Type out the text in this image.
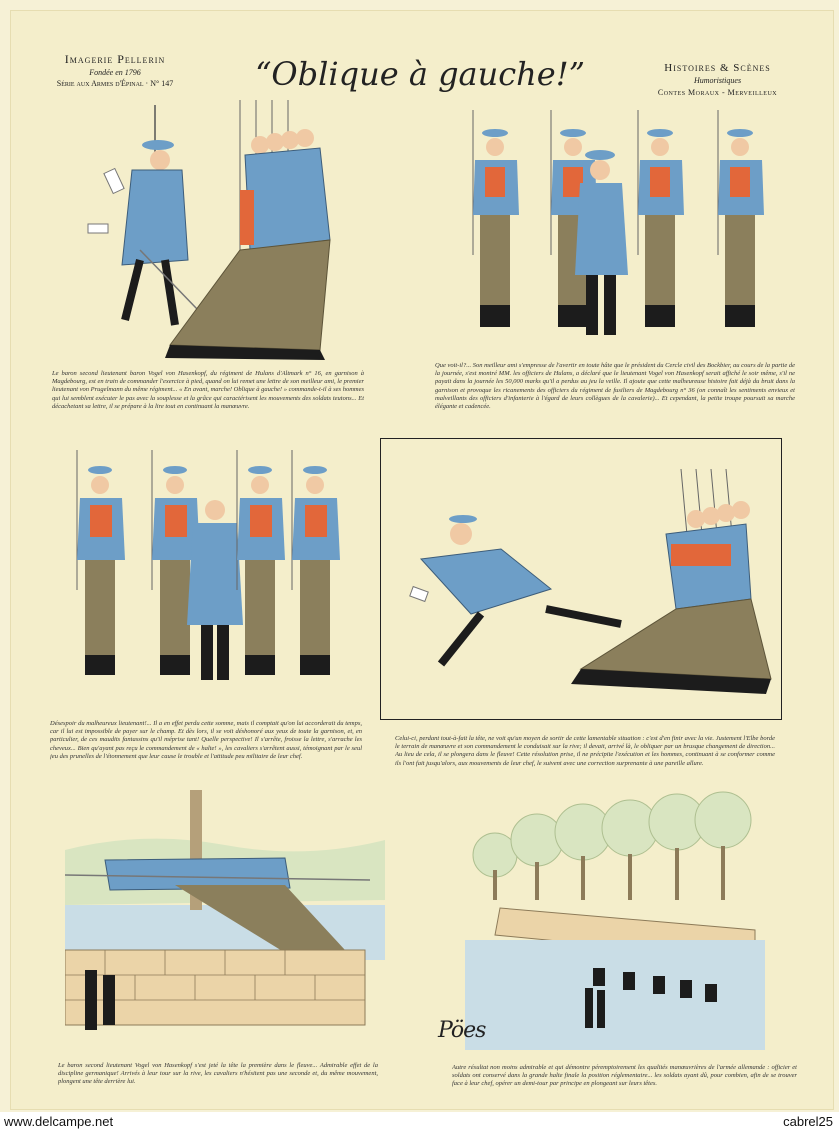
Imagerie Pellerin
Fondée en 1796
Série aux Armes d'Épinal · N° 147	“Oblique à gauche!”	Histoires & Scènes
Humoristiques
Contes Moraux - Merveilleux
Le baron second lieutenant baron Vogel von Hasenkopf, du régiment de Hulans d'Altmark n° 16, en garnison à Magdebourg, est en train de commander l'exercice à pied, quand on lui remet une lettre de son meilleur ami, le premier lieutenant von Prugelmann du même régiment... « En avant, marche! Oblique à gauche! » commande-t-il à ses hommes qui lui semblent exécuter le pas avec la souplesse et la grâce qui caractérisent les mouvements des soldats teutons... Et décachetant sa lettre, il se prépare à la lire tout en continuant la manœuvre.
Que voit-il?... Son meilleur ami s'empresse de l'avertir en toute hâte que le président du Cercle civil des Bockbier, au cours de la partie de la journée, s'est montré MM. les officiers de Hulans, a déclaré que le lieutenant Vogel von Hasenkopf serait affiché le soir même, s'il ne payait dans la journée les 50,000 marks qu'il a perdus au jeu la veille. Il ajoute que cette malheureuse histoire fait déjà du bruit dans la garnison et provoque les ricanements des officiers du régiment de fusiliers de Magdebourg n° 36 (on connaît les sentiments envieux et malveillants des officiers d'infanterie à l'égard de leurs collègues de la cavalerie)... Et cependant, la petite troupe poursuit sa marche élégante et cadencée.
Désespoir du malheureux lieutenant!... Il a en effet perdu cette somme, mais il comptait qu'on lui accorderait du temps, car il lui est impossible de payer sur le champ. Et dès lors, il se voit déshonoré aux yeux de toute la garnison, et, en particulier, de ces maudits fantassins qu'il méprise tant! Quelle perspective! Il s'arrête, froisse la lettre, s'arrache les cheveux... Bien qu'ayant pas reçu le commandement de « halte! », les cavaliers s'arrêtent aussi, témoignant par le seul jeu des prunelles de l'étonnement que leur cause le trouble et l'attitude peu militaire de leur chef.
Celui-ci, perdant tout-à-fait la tête, ne voit qu'un moyen de sortir de cette lamentable situation : c'est d'en finir avec la vie. Justement l'Elbe borde le terrain de manœuvre et son commandement le conduisait sur la rive; il devait, arrivé là, le obliquer par un brusque changement de direction... Au lieu de cela, il se plongera dans le fleuve! Cette résolution prise, il ne précipite l'exécution et les hommes, continuant à se conformer comme ils l'ont fait jusqu'alors, aux mouvements de leur chef, le suivent avec une correction surprenante à une pareille allure.
Le baron second lieutenant Vogel von Hasenkopf s'est jeté la tête la première dans le fleuve... Admirable effet de la discipline germanique! Arrivés à leur tour sur la rive, les cavaliers n'hésitent pas une seconde et, du même mouvement, plongent une tête derrière lui.
Pöes
Autre résultat non moins admirable et qui démontre péremptoirement les qualités manœuvrières de l'armée allemande : officier et soldats ont conservé dans la grande halte finale la position réglementaire... les soldats ayant dû, pour combien, afin de se trouver face à leur chef, opérer un demi-tour par principe en plongeant sur leurs têtes.
www.delcampe.net	cabrel25
